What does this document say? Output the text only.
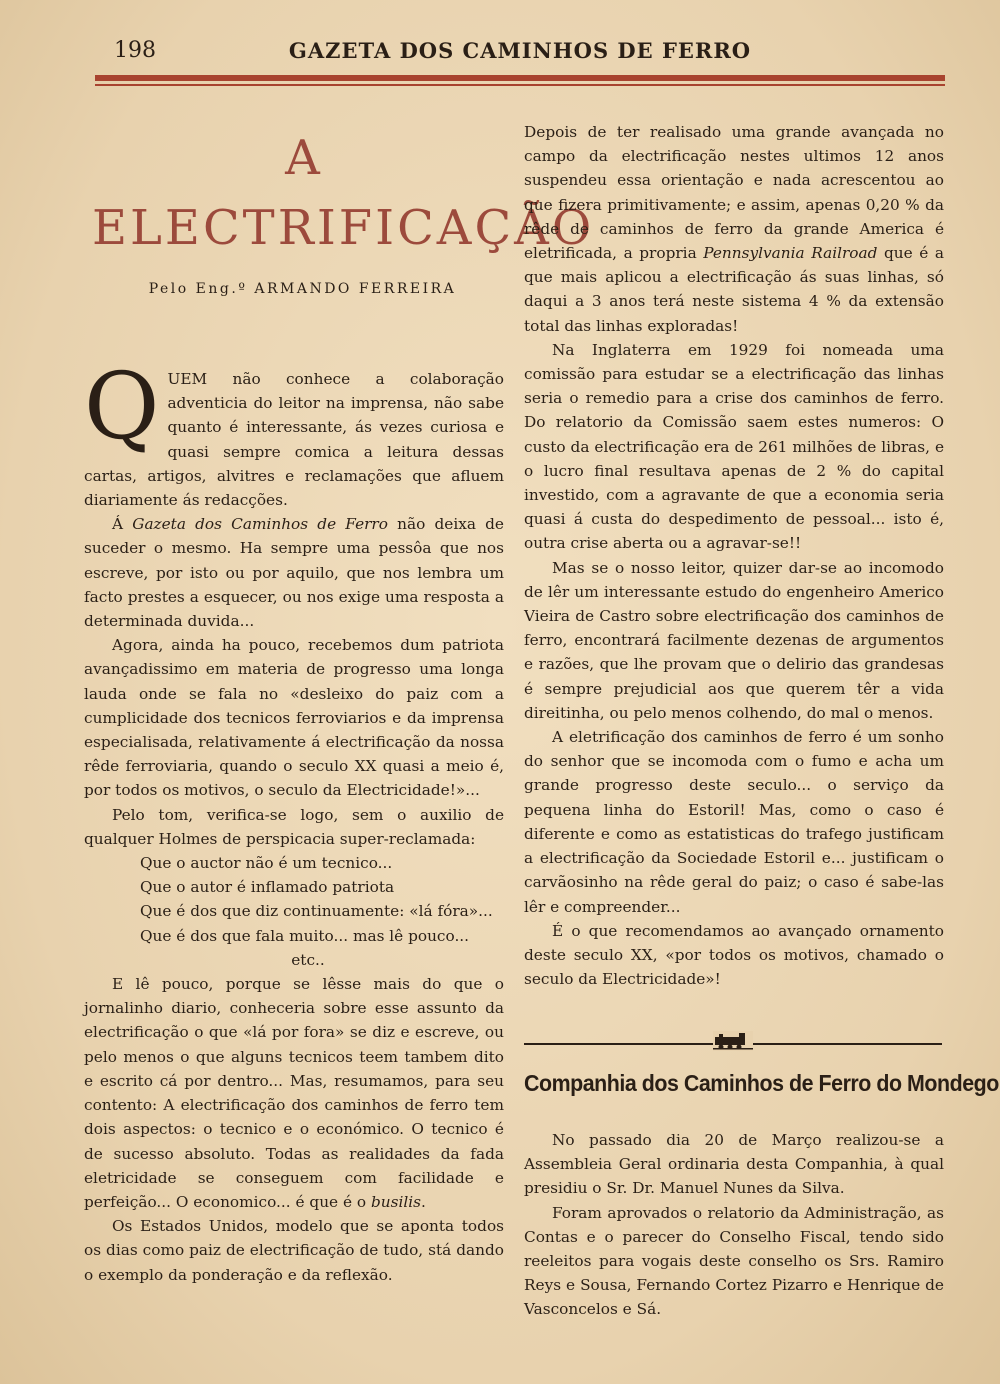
198	GAZETA DOS CAMINHOS DE FERRO
A
ELECTRIFICAÇÃO
Pelo Eng.º ARMANDO FERREIRA
Q UEM não conhece a colaboração adventicia do leitor na imprensa, não sabe quanto é interessante, ás vezes curiosa e quasi sempre comica a leitura dessas cartas, artigos, alvitres e reclamações que afluem diariamente ás redacções.

Á Gazeta dos Caminhos de Ferro não deixa de suceder o mesmo. Ha sempre uma pessôa que nos escreve, por isto ou por aquilo, que nos lembra um facto prestes a esquecer, ou nos exige uma resposta a determinada duvida...

Agora, ainda ha pouco, recebemos dum patriota avançadissimo em materia de progresso uma longa lauda onde se fala no «desleixo do paiz com a cumplicidade dos tecnicos ferroviarios e da imprensa especialisada, relativamente á electrificação da nossa rêde ferroviaria, quando o seculo XX quasi a meio é, por todos os motivos, o seculo da Electricidade!»...

Pelo tom, verifica-se logo, sem o auxilio de qualquer Holmes de perspicacia super-reclamada:

Que o auctor não é um tecnico...

Que o autor é inflamado patriota

Que é dos que diz continuamente: «lá fóra»...

Que é dos que fala muito... mas lê pouco...

etc..

E lê pouco, porque se lêsse mais do que o jornalinho diario, conheceria sobre esse assunto da electrificação o que «lá por fora» se diz e escreve, ou pelo menos o que alguns tecnicos teem tambem dito e escrito cá por dentro... Mas, resumamos, para seu contento: A electrificação dos caminhos de ferro tem dois aspectos: o tecnico e o económico. O tecnico é de sucesso absoluto. Todas as realidades da fada eletricidade se conseguem com facilidade e perfeição... O economico... é que é o busilis.

Os Estados Unidos, modelo que se aponta todos os dias como paiz de electrificação de tudo, stá dando o exemplo da ponderação e da reflexão.

Depois de ter realisado uma grande avançada no campo da electrificação nestes ultimos 12 anos suspendeu essa orientação e nada acrescentou ao que fizera primitivamente; e assim, apenas 0,20 % da rêde de caminhos de ferro da grande America é eletrificada, a propria Pennsylvania Railroad que é a que mais aplicou a electrificação ás suas linhas, só daqui a 3 anos terá neste sistema 4 % da extensão total das linhas exploradas!

Na Inglaterra em 1929 foi nomeada uma comissão para estudar se a electrificação das linhas seria o remedio para a crise dos caminhos de ferro. Do relatorio da Comissão saem estes numeros: O custo da electrificação era de 261 milhões de libras, e o lucro final resultava apenas de 2 % do capital investido, com a agravante de que a economia seria quasi á custa do despedimento de pessoal... isto é, outra crise aberta ou a agravar-se!!

Mas se o nosso leitor, quizer dar-se ao incomodo de lêr um interessante estudo do engenheiro Americo Vieira de Castro sobre electrificação dos caminhos de ferro, encontrará facilmente dezenas de argumentos e razões, que lhe provam que o delirio das grandesas é sempre prejudicial aos que querem têr a vida direitinha, ou pelo menos colhendo, do mal o menos.

A eletrificação dos caminhos de ferro é um sonho do senhor que se incomoda com o fumo e acha um grande progresso deste seculo... o serviço da pequena linha do Estoril! Mas, como o caso é diferente e como as estatisticas do trafego justificam a electrificação da Sociedade Estoril e... justificam o carvãosinho na rêde geral do paiz; o caso é sabe-las lêr e compreender...

É o que recomendamos ao avançado ornamento deste seculo XX, «por todos os motivos, chamado o seculo da Electricidade»!

Companhia dos Caminhos de Ferro do Mondego

No passado dia 20 de Março realizou-se a Assembleia Geral ordinaria desta Companhia, à qual presidiu o Sr. Dr. Manuel Nunes da Silva.

Foram aprovados o relatorio da Administração, as Contas e o parecer do Conselho Fiscal, tendo sido reeleitos para vogais deste conselho os Srs. Ramiro Reys e Sousa, Fernando Cortez Pizarro e Henrique de Vasconcelos e Sá.
